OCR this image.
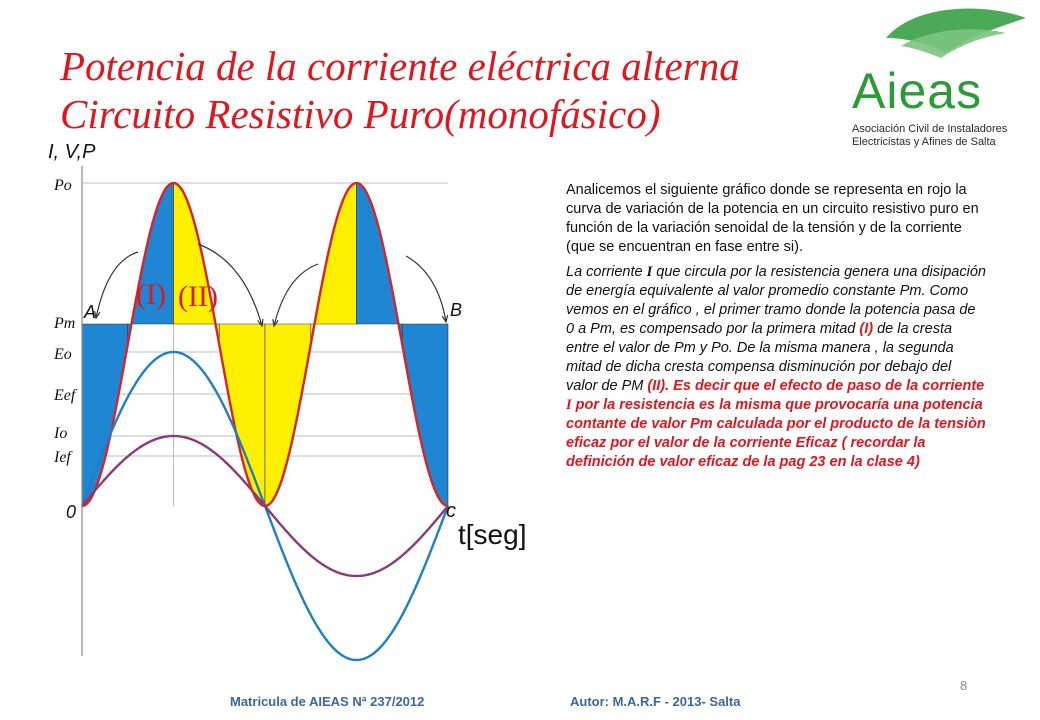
Potencia de la corriente eléctrica alterna
Circuito Resistivo Puro(monofásico)	Aieas
Asociación Civil de Instaladores
Electricistas y Afines de Salta
I, V,P
Po
Pm
Eo
Eef
Io
Ief
0
A	B
c
t[seg]
(I) (II)

Analicemos el siguiente gráfico donde se representa en rojo la curva de variación de la potencia en un circuito resistivo puro en función de la variación senoidal de la tensión y de la corriente (que se encuentran en fase entre si).

La corriente I que circula por la resistencia genera una disipación de energía equivalente al valor promedio constante Pm. Como vemos en el gráfico , el primer tramo donde la potencia pasa de 0 a Pm, es compensado por la primera mitad (I) de la cresta entre el valor de Pm y Po. De la misma manera , la segunda mitad de dicha cresta compensa disminución por debajo del valor de PM (II). Es decir que el efecto de paso de la corriente I por la resistencia es la misma que provocaría una potencia contante de valor Pm calculada por el producto de la tensiòn eficaz por el valor de la corriente Eficaz ( recordar la definición de valor eficaz de la pag 23 en la clase 4)

Matricula de AIEAS Nª 237/2012	Autor: M.A.R.F - 2013- Salta
8
